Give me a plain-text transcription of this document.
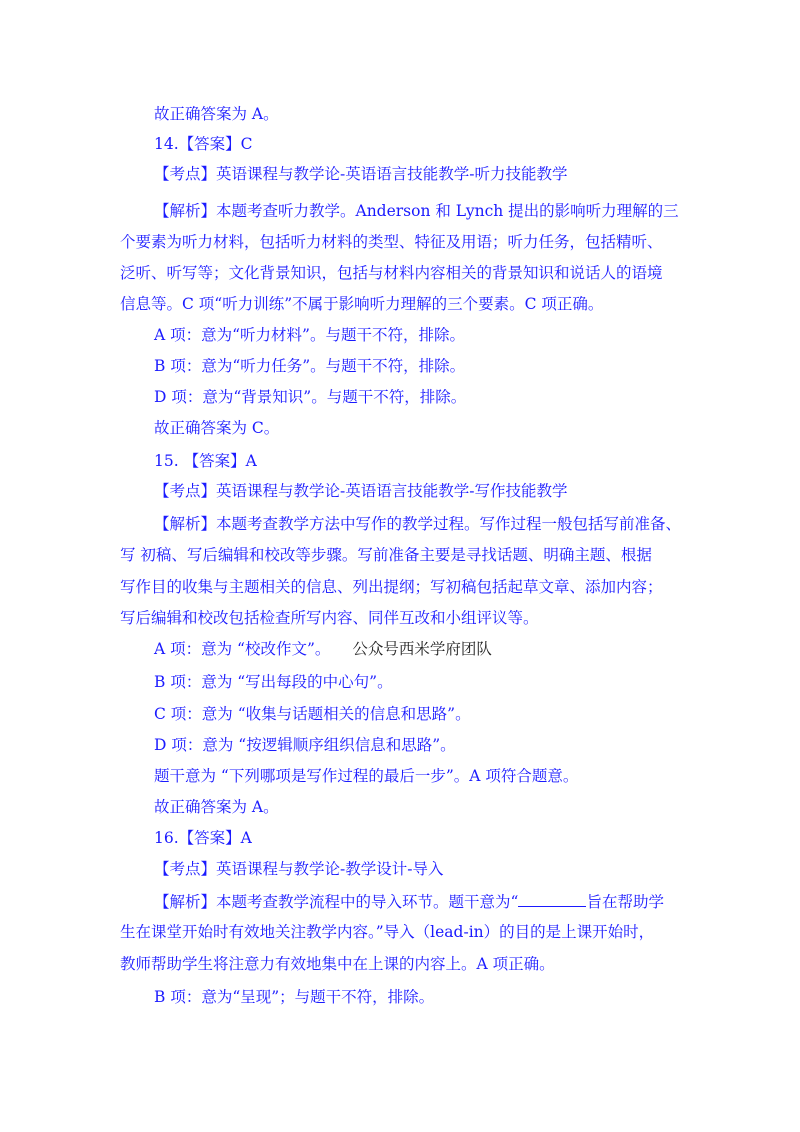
故正确答案为 A。

14.【答案】C

【考点】英语课程与教学论-英语语言技能教学-听力技能教学

【解析】本题考查听力教学。Anderson 和 Lynch 提出的影响听力理解的三

个要素为听力材料，包括听力材料的类型、特征及用语；听力任务，包括精听、

泛听、听写等；文化背景知识，包括与材料内容相关的背景知识和说话人的语境

信息等。C 项“听力训练”不属于影响听力理解的三个要素。C 项正确。

A 项：意为“听力材料”。与题干不符，排除。

B 项：意为“听力任务”。与题干不符，排除。

D 项：意为“背景知识”。与题干不符，排除。

故正确答案为 C。

15. 【答案】A

【考点】英语课程与教学论-英语语言技能教学-写作技能教学

【解析】本题考查教学方法中写作的教学过程。写作过程一般包括写前准备、

写 初稿、写后编辑和校改等步骤。写前准备主要是寻找话题、明确主题、根据

写作目的收集与主题相关的信息、列出提纲；写初稿包括起草文章、添加内容；

写后编辑和校改包括检查所写内容、同伴互改和小组评议等。

A 项：意为 “校改作文”。 公众号西米学府团队

B 项：意为 “写出每段的中心句”。

C 项：意为 “收集与话题相关的信息和思路”。

D 项：意为 “按逻辑顺序组织信息和思路”。

题干意为 “下列哪项是写作过程的最后一步”。A 项符合题意。

故正确答案为 A。

16.【答案】A

【考点】英语课程与教学论-教学设计-导入

【解析】本题考查教学流程中的导入环节。题干意为“	旨在帮助学

生在课堂开始时有效地关注教学内容。”导入（lead-in）的目的是上课开始时，

教师帮助学生将注意力有效地集中在上课的内容上。A 项正确。

B 项：意为“呈现”；与题干不符，排除。
